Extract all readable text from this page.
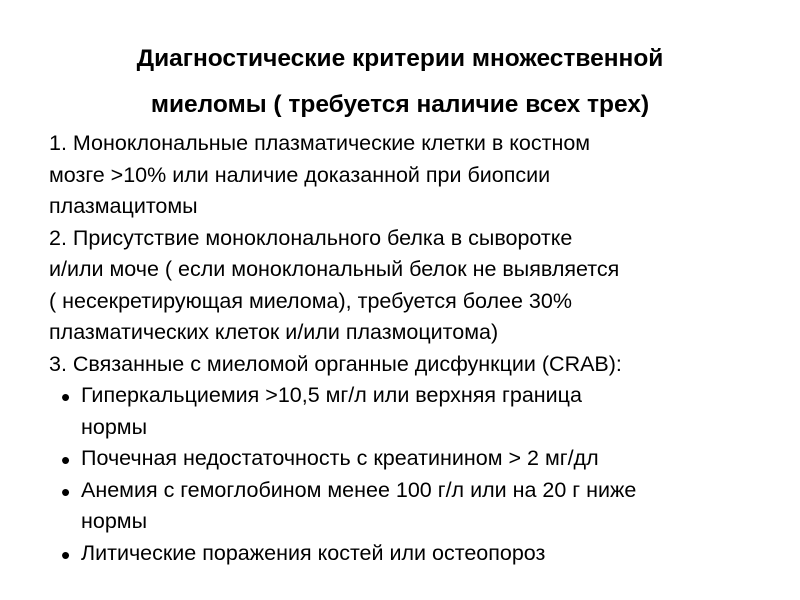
Диагностические критерии множественной
миеломы ( требуется наличие всех трех)
1. Моноклональные плазматические клетки в костном
мозге >10% или наличие доказанной при биопсии
плазмацитомы
2. Присутствие моноклонального белка в сыворотке
и/или моче ( если моноклональный белок не выявляется
( несекретирующая миелома), требуется более 30%
плазматических клеток и/или плазмоцитома)
3. Связанные с миеломой органные дисфункции (CRAB):
• Гиперкальциемия >10,5 мг/л или верхняя граница
нормы
• Почечная недостаточность с креатинином > 2 мг/дл
• Анемия с гемоглобином менее 100 г/л или на 20 г ниже
нормы
• Литические поражения костей или остеопороз
